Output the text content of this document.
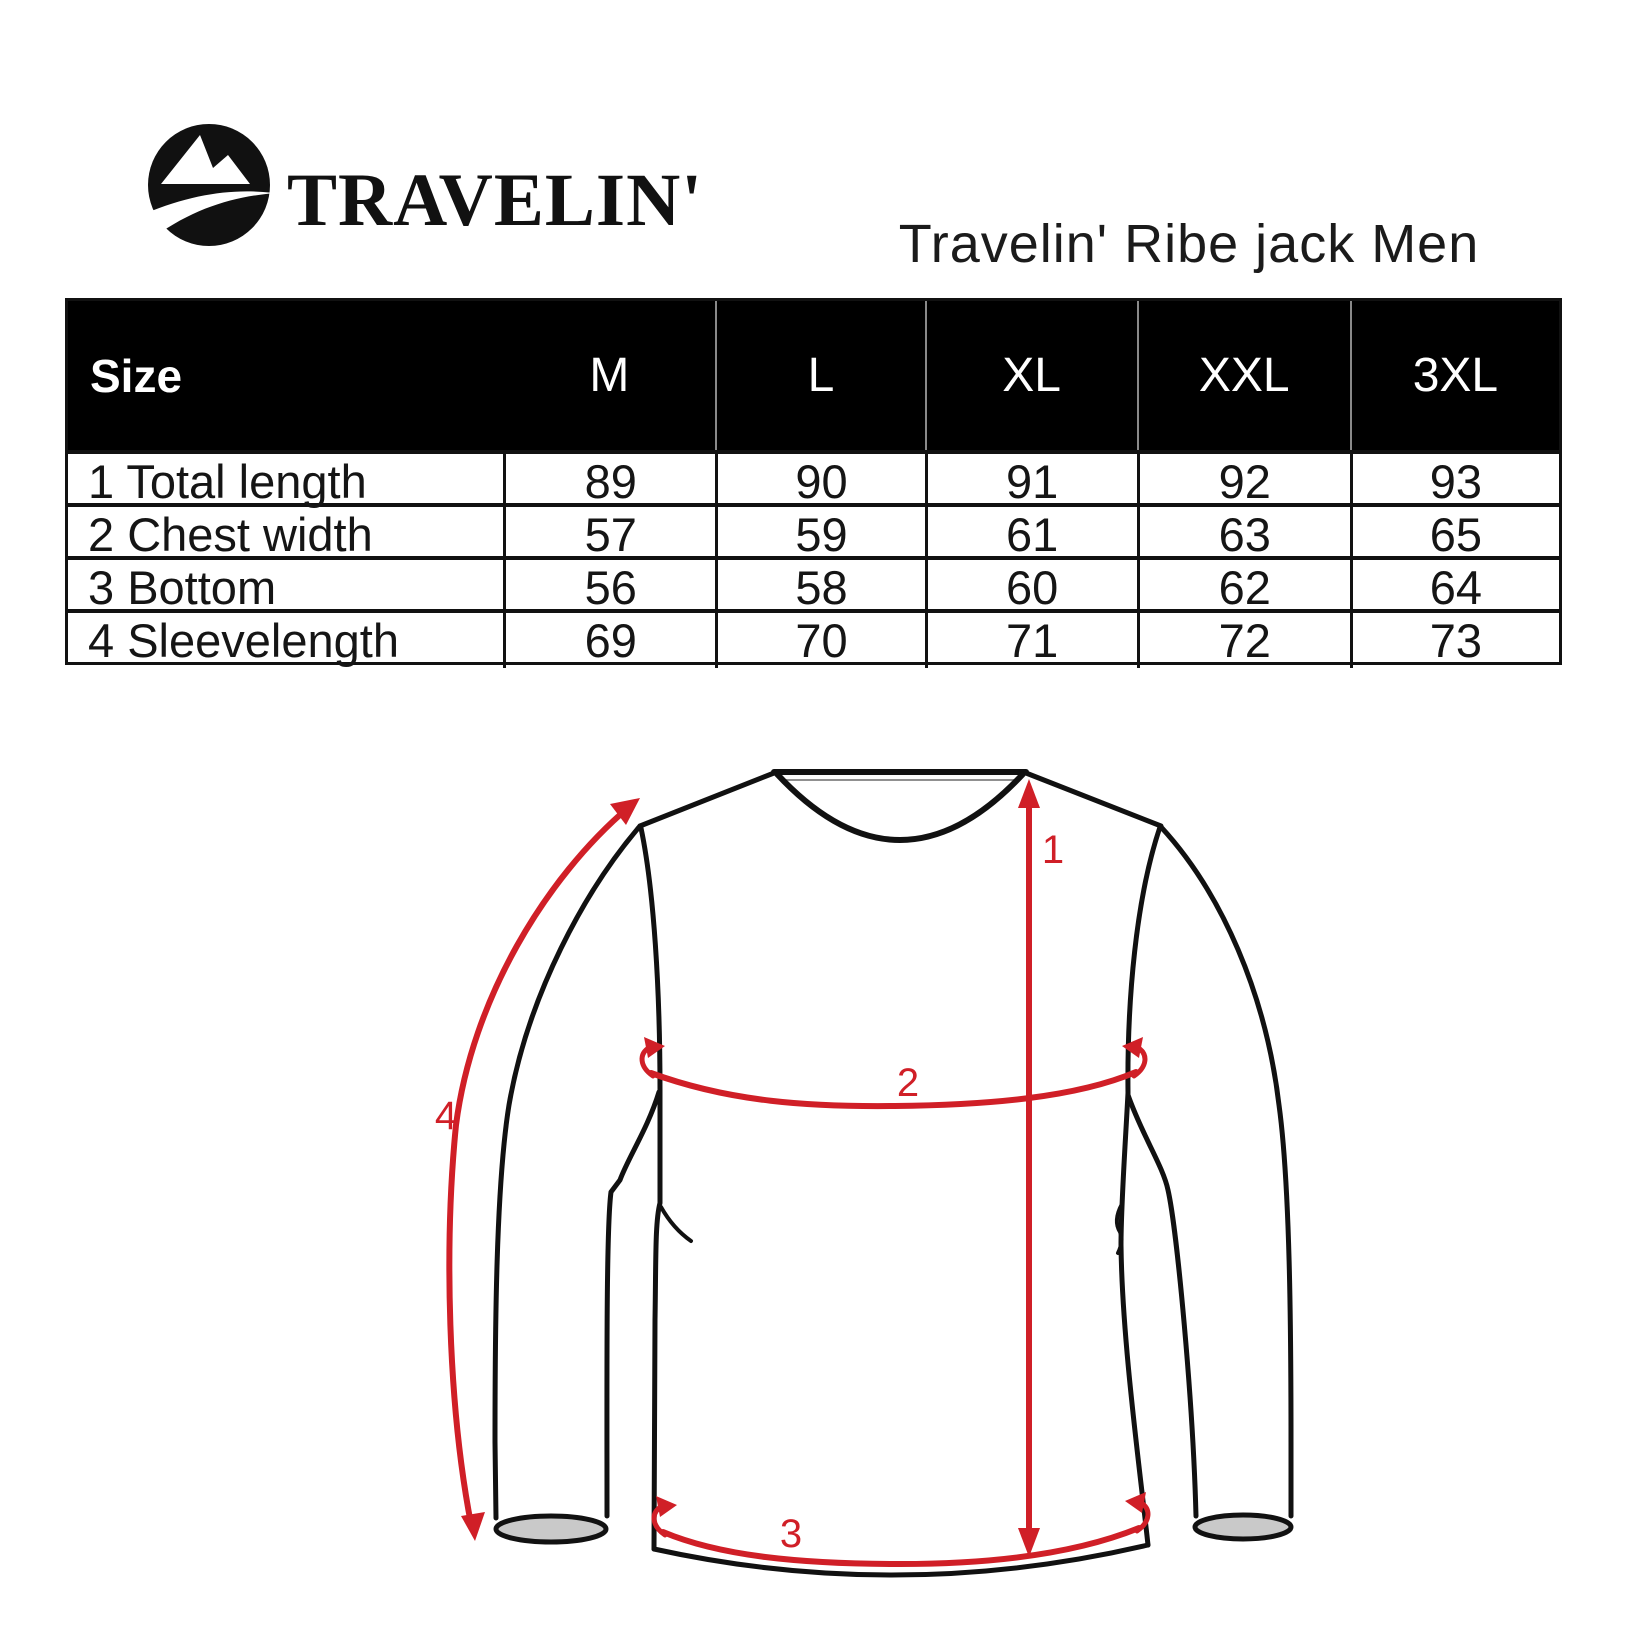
TRAVELIN'
Travelin' Ribe jack Men
Size	M	L	XL	XXL	3XL
1 Total length	89	90	91	92	93
2 Chest width	57	59	61	63	65
3 Bottom	56	58	60	62	64
4 Sleevelength	69	70	71	72	73
1
2
3
4
